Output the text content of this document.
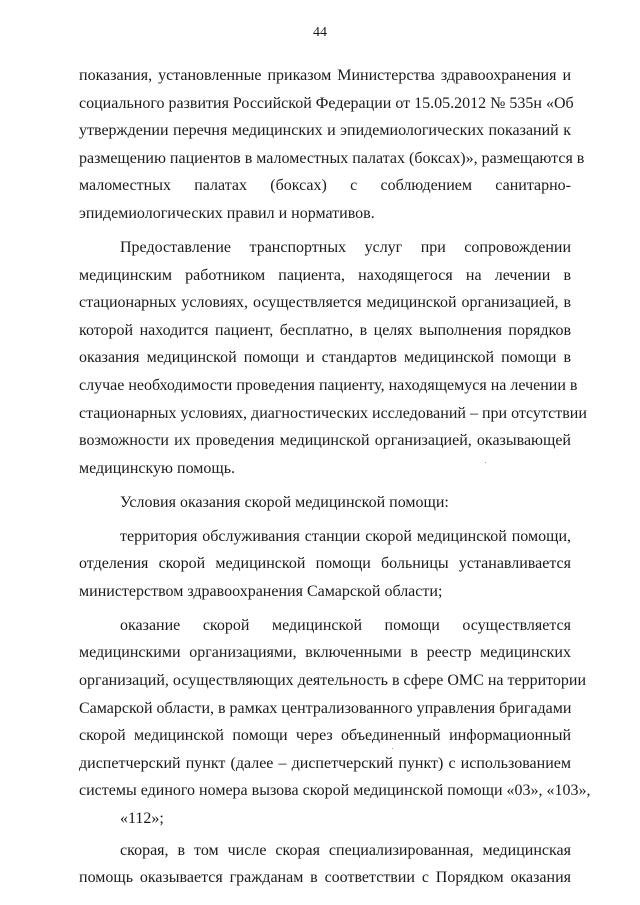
44
показания, установленные приказом Министерства здравоохранения и
социального развития Российской Федерации от 15.05.2012 № 535н «Об
утверждении перечня медицинских и эпидемиологических показаний к
размещению пациентов в маломестных палатах (боксах)», размещаются в
маломестных палатах (боксах) с соблюдением санитарно-
эпидемиологических правил и нормативов.
Предоставление транспортных услуг при сопровождении
медицинским работником пациента, находящегося на лечении в
стационарных условиях, осуществляется медицинской организацией, в
которой находится пациент, бесплатно, в целях выполнения порядков
оказания медицинской помощи и стандартов медицинской помощи в
случае необходимости проведения пациенту, находящемуся на лечении в
стационарных условиях, диагностических исследований – при отсутствии
возможности их проведения медицинской организацией, оказывающей
медицинскую помощь.
Условия оказания скорой медицинской помощи:
территория обслуживания станции скорой медицинской помощи,
отделения скорой медицинской помощи больницы устанавливается
министерством здравоохранения Самарской области;
оказание скорой медицинской помощи осуществляется
медицинскими организациями, включенными в реестр медицинских
организаций, осуществляющих деятельность в сфере ОМС на территории
Самарской области, в рамках централизованного управления бригадами
скорой медицинской помощи через объединенный информационный
диспетчерский пункт (далее – диспетчерский пункт) с использованием
системы единого номера вызова скорой медицинской помощи «03», «103»,
«112»;
скорая, в том числе скорая специализированная, медицинская
помощь оказывается гражданам в соответствии с Порядком оказания
